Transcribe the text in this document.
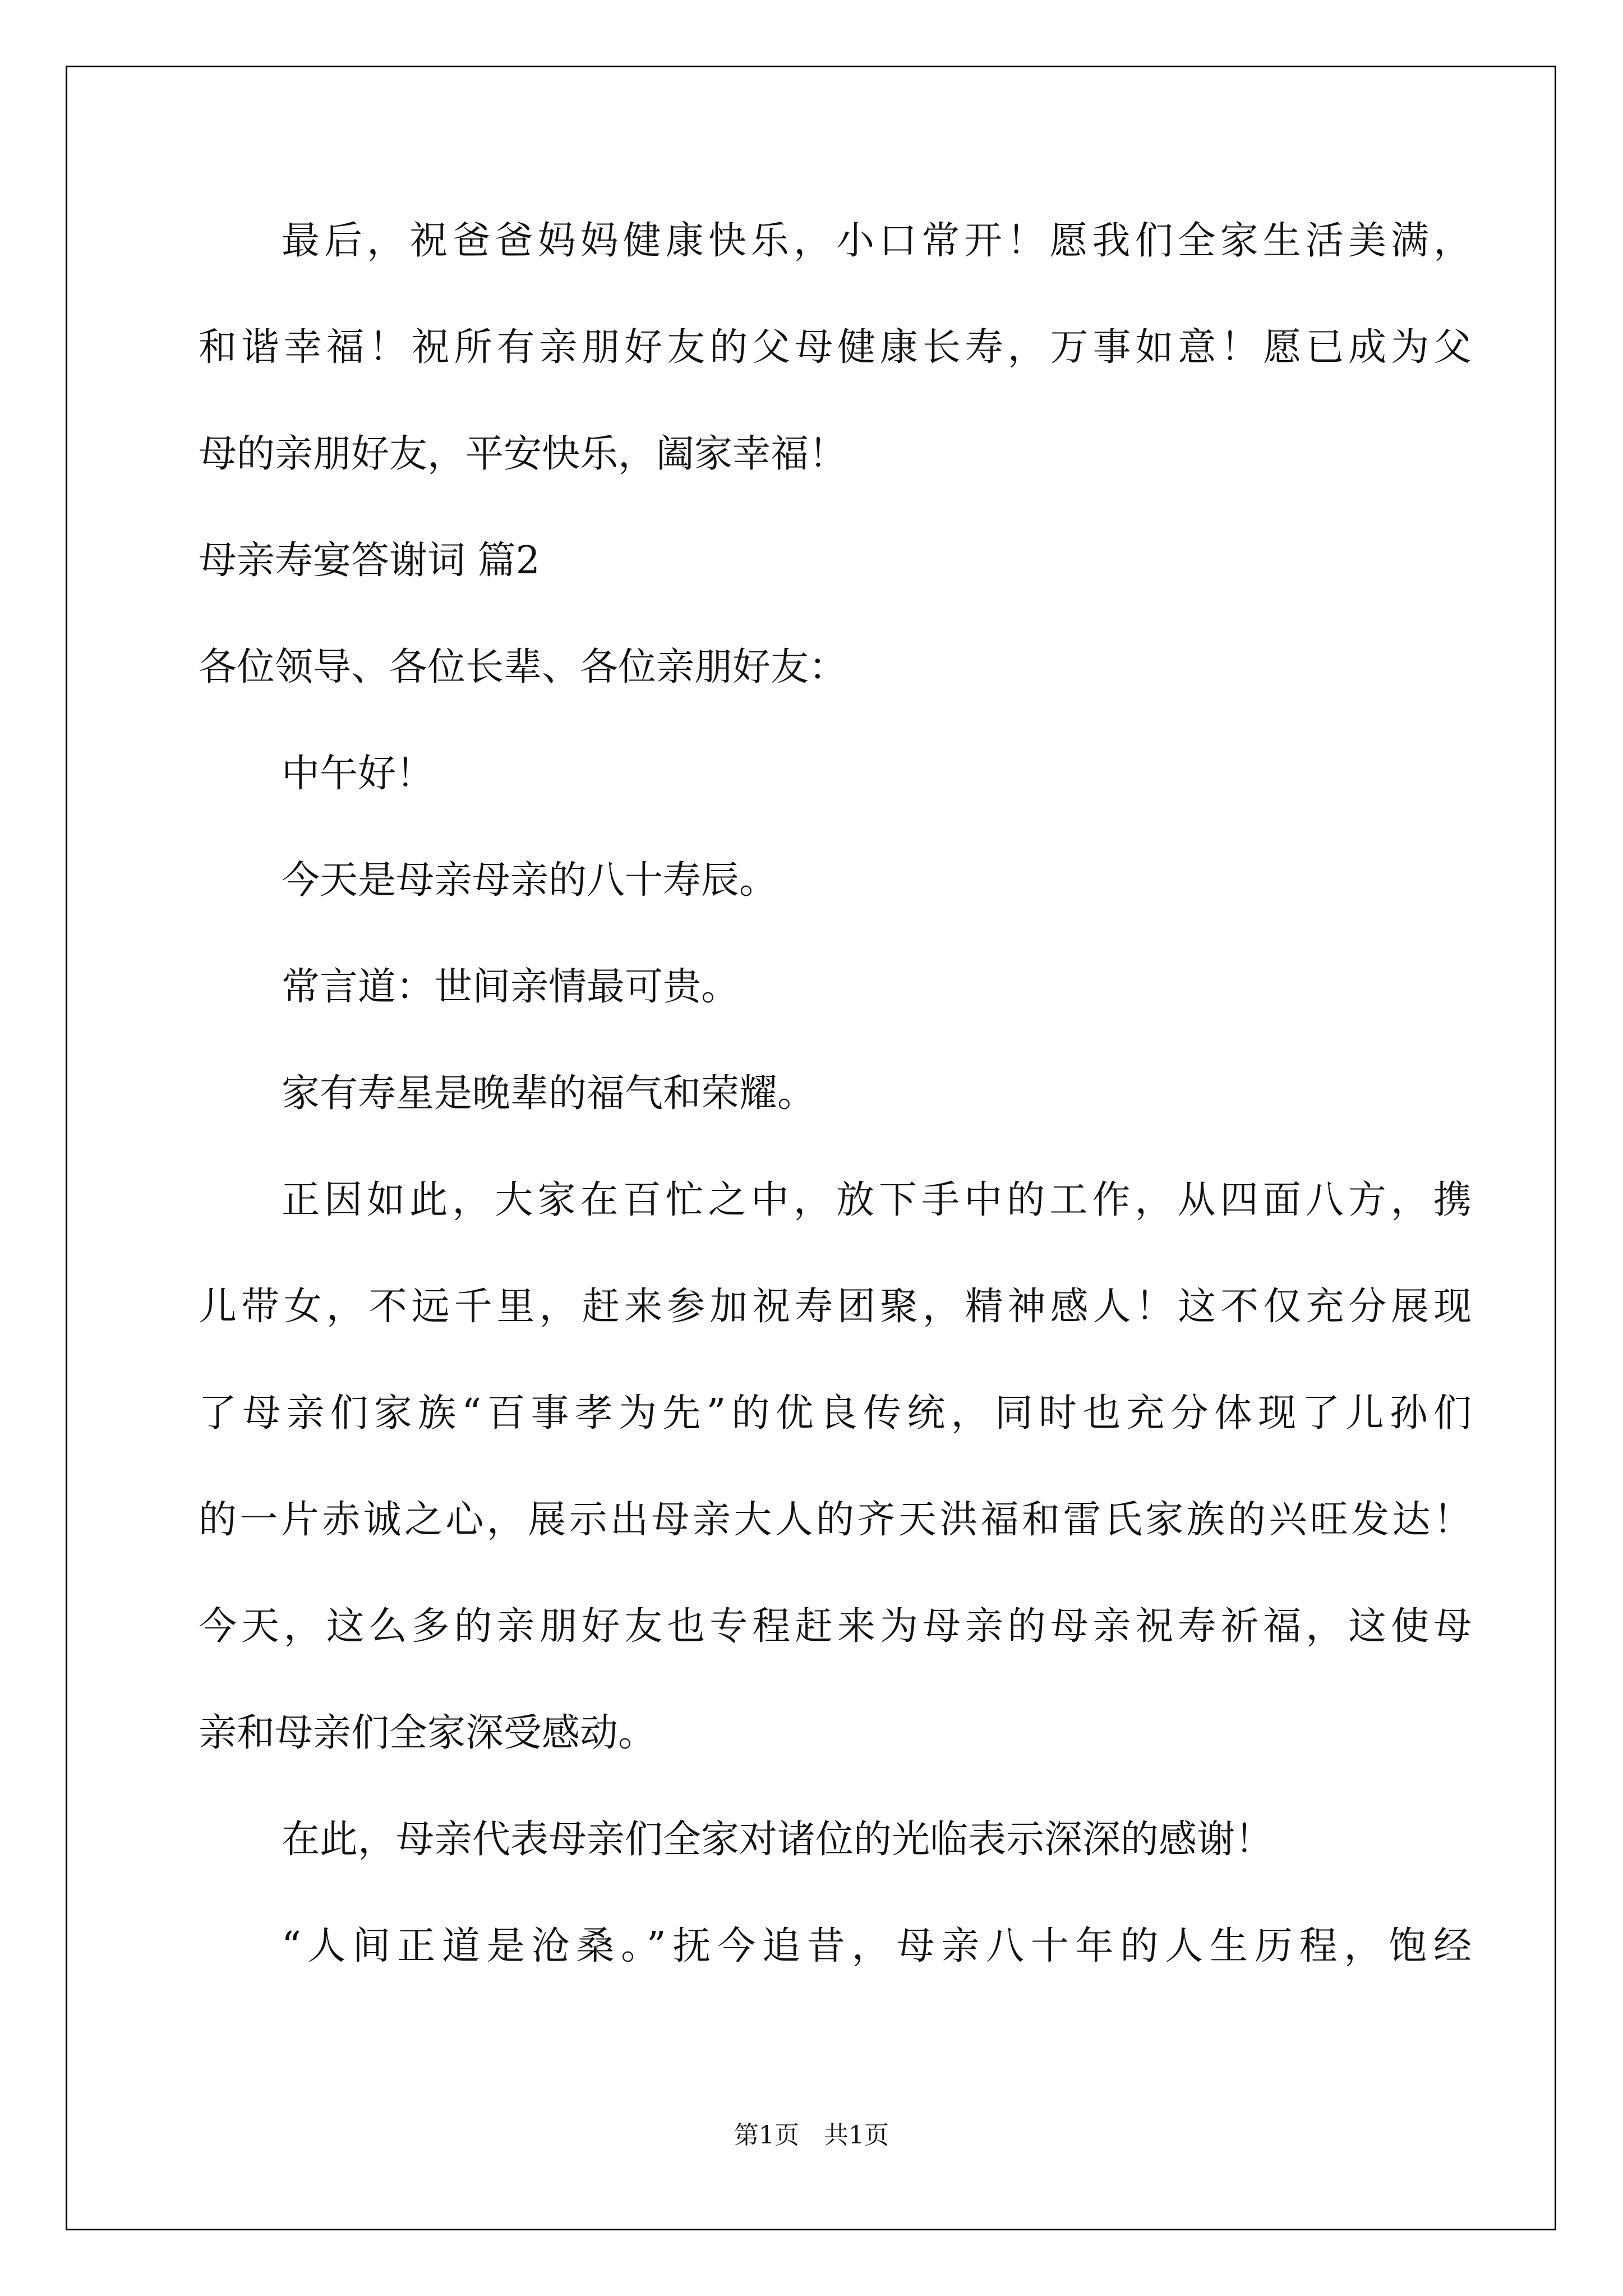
最后，祝爸爸妈妈健康快乐，小口常开！愿我们全家生活美满，
和谐幸福！祝所有亲朋好友的父母健康长寿，万事如意！愿已成为父
母的亲朋好友，平安快乐，阖家幸福！
母亲寿宴答谢词 篇2
各位领导、各位长辈、各位亲朋好友：
中午好！
今天是母亲母亲的八十寿辰。
常言道：世间亲情最可贵。
家有寿星是晚辈的福气和荣耀。
正因如此，大家在百忙之中，放下手中的工作，从四面八方，携
儿带女，不远千里，赶来参加祝寿团聚，精神感人！这不仅充分展现
了母亲们家族“百事孝为先”的优良传统，同时也充分体现了儿孙们
的一片赤诚之心，展示出母亲大人的齐天洪福和雷氏家族的兴旺发达！
今天，这么多的亲朋好友也专程赶来为母亲的母亲祝寿祈福，这使母
亲和母亲们全家深受感动。
在此，母亲代表母亲们全家对诸位的光临表示深深的感谢！
“人间正道是沧桑。”抚今追昔，母亲八十年的人生历程，饱经
第1页　共1页
